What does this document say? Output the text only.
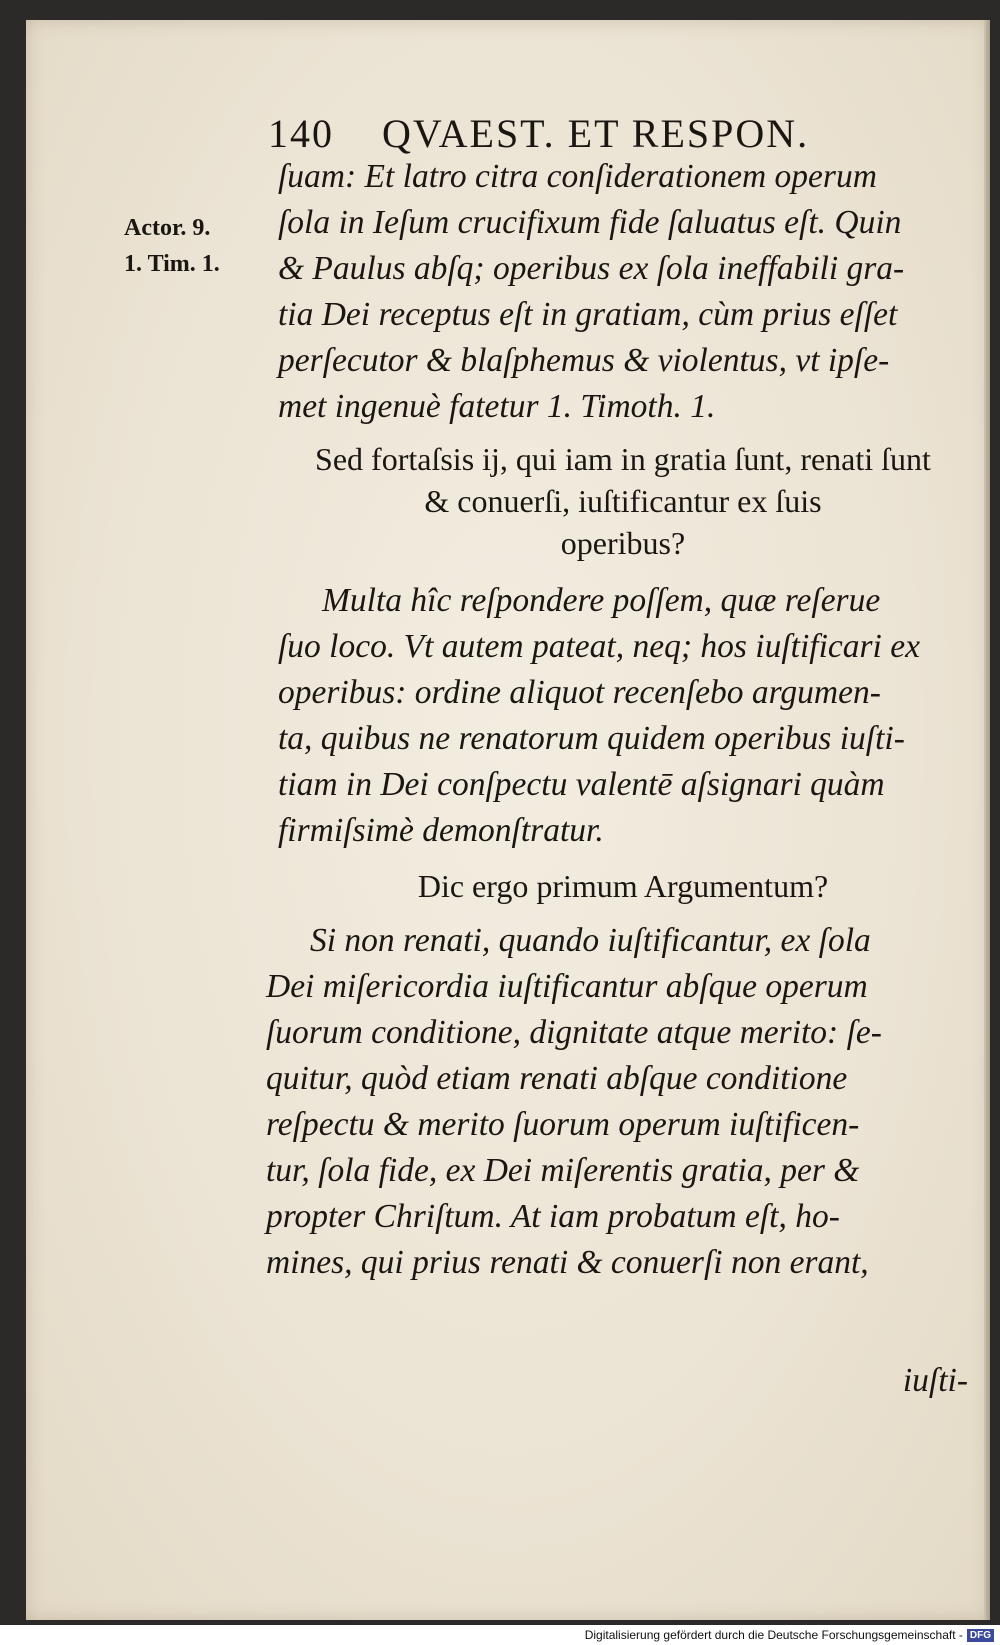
140 QVAEST. ET RESPON.
Actor. 9.
1. Tim. 1.
ſuam: Et latro citra conſiderationem operum
ſola in Ieſum crucifixum fide ſaluatus eſt. Quin
& Paulus abſq; operibus ex ſola ineffabili gra-
tia Dei receptus eſt in gratiam, cùm prius eſſet
perſecutor & blaſphemus & violentus, vt ipſe-
met ingenuè fatetur 1. Timoth. 1.
Sed fortaſsis ij, qui iam in gratia ſunt, renati ſunt
& conuerſi, iuſtificantur ex ſuis
operibus?
Multa hîc reſpondere poſſem, quæ reſerue
ſuo loco. Vt autem pateat, neq; hos iuſtificari ex
operibus: ordine aliquot recenſebo argumen-
ta, quibus ne renatorum quidem operibus iuſti-
tiam in Dei conſpectu valentē aſsignari quàm
firmiſsimè demonſtratur.
Dic ergo primum Argumentum?
Si non renati, quando iuſtificantur, ex ſola
Dei miſericordia iuſtificantur abſque operum
ſuorum conditione, dignitate atque merito: ſe-
quitur, quòd etiam renati abſque conditione
reſpectu & merito ſuorum operum iuſtificen-
tur, ſola fide, ex Dei miſerentis gratia, per &
propter Chriſtum. At iam probatum eſt, ho-
mines, qui prius renati & conuerſi non erant,
iuſti-
Digitalisierung gefördert durch die Deutsche Forschungsgemeinschaft - DFG
